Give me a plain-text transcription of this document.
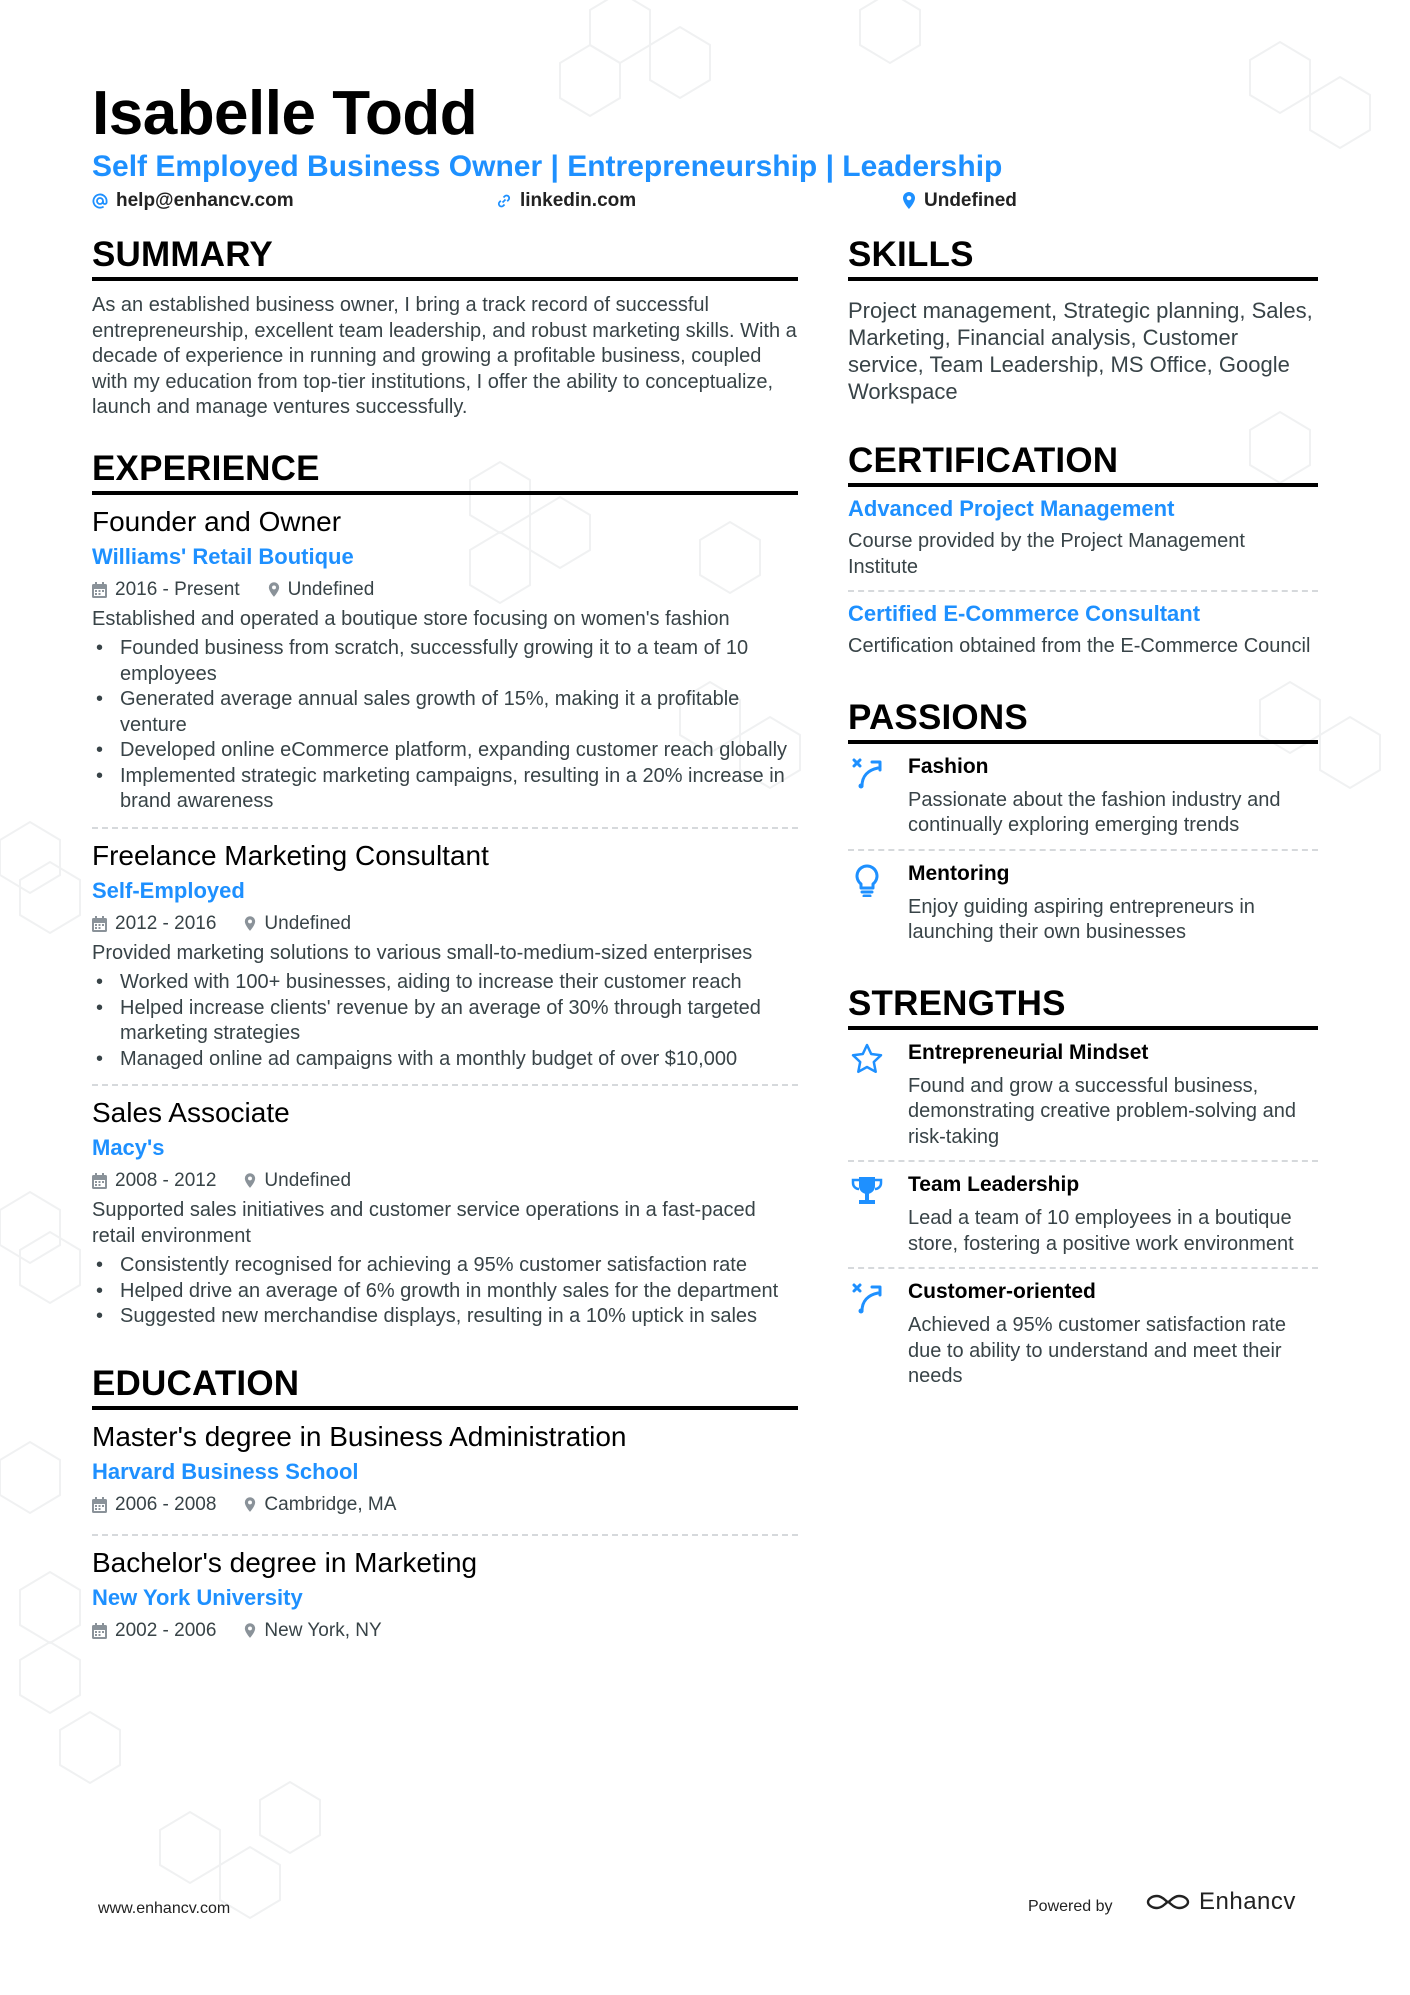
Isabelle Todd
Self Employed Business Owner | Entrepreneurship | Leadership
help@enhancv.com	linkedin.com	Undefined
SUMMARY

As an established business owner, I bring a track record of successful entrepreneurship, excellent team leadership, and robust marketing skills. With a decade of experience in running and growing a profitable business, coupled with my education from top-tier institutions, I offer the ability to conceptualize, launch and manage ventures successfully.

EXPERIENCE

Founder and Owner

Williams' Retail Boutique

2016 - Present	Undefined

Established and operated a boutique store focusing on women's fashion

• Founded business from scratch, successfully growing it to a team of 10 employees
• Generated average annual sales growth of 15%, making it a profitable venture
• Developed online eCommerce platform, expanding customer reach globally
• Implemented strategic marketing campaigns, resulting in a 20% increase in brand awareness

Freelance Marketing Consultant

Self-Employed

2012 - 2016	Undefined

Provided marketing solutions to various small-to-medium-sized enterprises

• Worked with 100+ businesses, aiding to increase their customer reach
• Helped increase clients' revenue by an average of 30% through targeted marketing strategies
• Managed online ad campaigns with a monthly budget of over $10,000

Sales Associate

Macy's

2008 - 2012	Undefined

Supported sales initiatives and customer service operations in a fast-paced retail environment

• Consistently recognised for achieving a 95% customer satisfaction rate
• Helped drive an average of 6% growth in monthly sales for the department
• Suggested new merchandise displays, resulting in a 10% uptick in sales
EDUCATION

Master's degree in Business Administration

Harvard Business School

2006 - 2008	Cambridge, MA

Bachelor's degree in Marketing

New York University

2002 - 2006	New York, NY
SKILLS

Project management, Strategic planning, Sales, Marketing, Financial analysis, Customer service, Team Leadership, MS Office, Google Workspace

CERTIFICATION

Advanced Project Management

Course provided by the Project Management Institute

Certified E-Commerce Consultant

Certification obtained from the E-Commerce Council

PASSIONS

Fashion

Passionate about the fashion industry and continually exploring emerging trends

Mentoring

Enjoy guiding aspiring entrepreneurs in launching their own businesses

STRENGTHS

Entrepreneurial Mindset

Found and grow a successful business, demonstrating creative problem-solving and risk-taking

Team Leadership

Lead a team of 10 employees in a boutique store, fostering a positive work environment

Customer-oriented

Achieved a 95% customer satisfaction rate due to ability to understand and meet their needs

www.enhancv.com	Powered by	Enhancv
